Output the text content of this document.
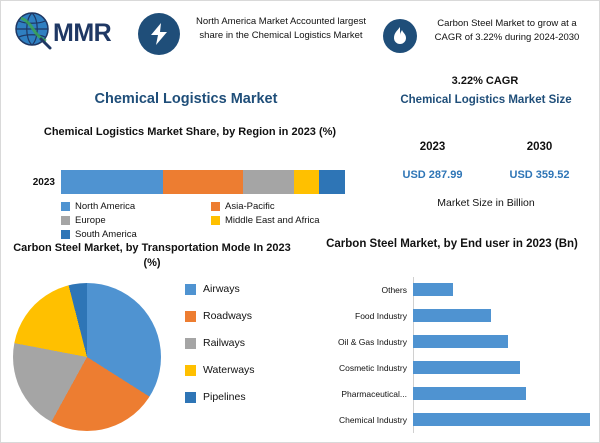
MMR	North America Market Accounted largest share in the Chemical Logistics Market
Carbon Steel Market to grow at a CAGR of 3.22% during 2024-2030
3.22% CAGR
Chemical Logistics Market
Chemical Logistics Market Share, by Region in 2023 (%)
2023
North America	Asia-Pacific
Europe	Middle East and Africa
South America
Chemical Logistics Market Size
2023	2030
USD 287.99	USD 359.52
Market Size in Billion
Carbon Steel Market, by Transportation Mode In 2023 (%)
Airways
Roadways
Railways
Waterways
Pipelines
Carbon Steel Market, by End user in 2023 (Bn)
Others
Food Industry
Oil & Gas Industry
Cosmetic Industry
Pharmaceutical...
Chemical Industry
